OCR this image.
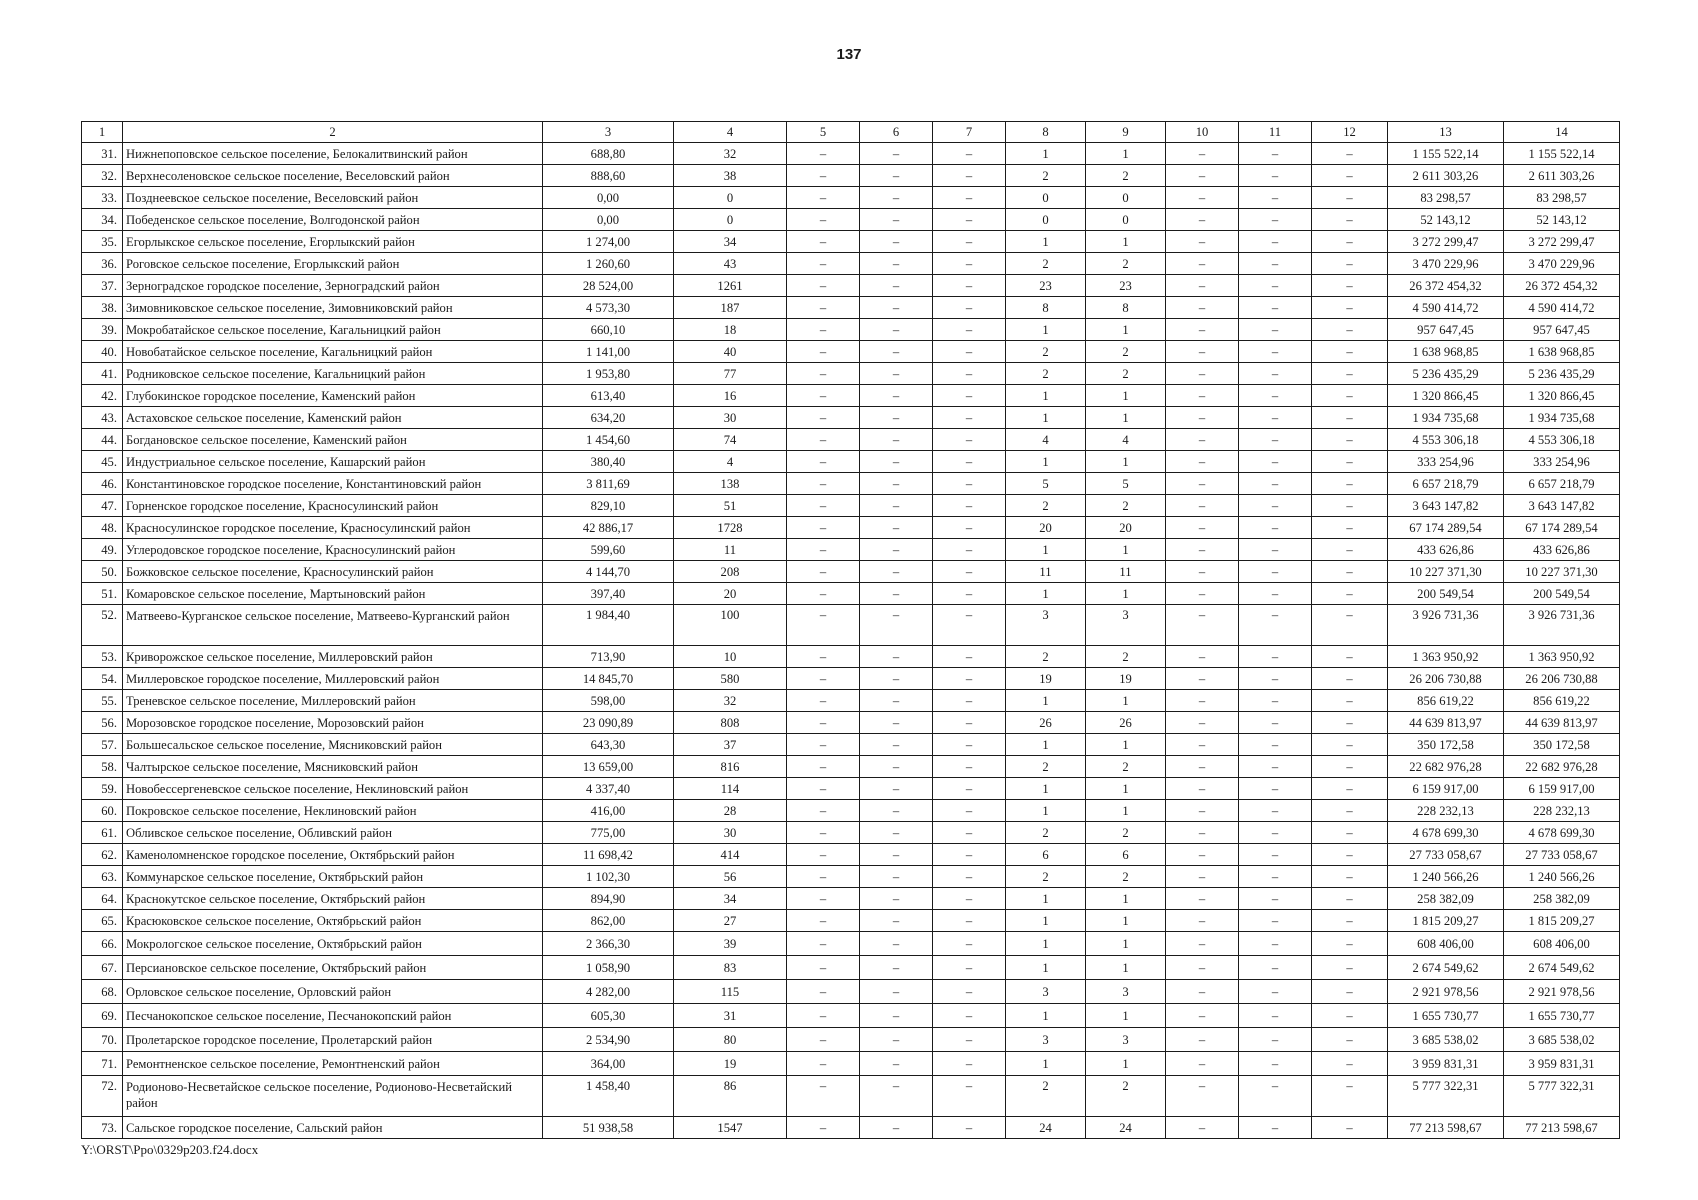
137
1	2	3	4	5	6	7	8	9	10	11	12	13	14
31.	Нижнепоповское сельское поселение, Белокалитвинский район	688,80	32	–	–	–	1	1	–	–	–	1 155 522,14	1 155 522,14
32.	Верхнесоленовское сельское поселение, Веселовский район	888,60	38	–	–	–	2	2	–	–	–	2 611 303,26	2 611 303,26
33.	Позднеевское сельское поселение, Веселовский район	0,00	0	–	–	–	0	0	–	–	–	83 298,57	83 298,57
34.	Победенское сельское поселение, Волгодонской район	0,00	0	–	–	–	0	0	–	–	–	52 143,12	52 143,12
35.	Егорлыкское сельское поселение, Егорлыкский район	1 274,00	34	–	–	–	1	1	–	–	–	3 272 299,47	3 272 299,47
36.	Роговское сельское поселение, Егорлыкский район	1 260,60	43	–	–	–	2	2	–	–	–	3 470 229,96	3 470 229,96
37.	Зерноградское городское поселение, Зерноградский район	28 524,00	1261	–	–	–	23	23	–	–	–	26 372 454,32	26 372 454,32
38.	Зимовниковское сельское поселение, Зимовниковский район	4 573,30	187	–	–	–	8	8	–	–	–	4 590 414,72	4 590 414,72
39.	Мокробатайское сельское поселение, Кагальницкий район	660,10	18	–	–	–	1	1	–	–	–	957 647,45	957 647,45
40.	Новобатайское сельское поселение, Кагальницкий район	1 141,00	40	–	–	–	2	2	–	–	–	1 638 968,85	1 638 968,85
41.	Родниковское сельское поселение, Кагальницкий район	1 953,80	77	–	–	–	2	2	–	–	–	5 236 435,29	5 236 435,29
42.	Глубокинское городское поселение, Каменский район	613,40	16	–	–	–	1	1	–	–	–	1 320 866,45	1 320 866,45
43.	Астаховское сельское поселение, Каменский район	634,20	30	–	–	–	1	1	–	–	–	1 934 735,68	1 934 735,68
44.	Богдановское сельское поселение, Каменский район	1 454,60	74	–	–	–	4	4	–	–	–	4 553 306,18	4 553 306,18
45.	Индустриальное сельское поселение, Кашарский район	380,40	4	–	–	–	1	1	–	–	–	333 254,96	333 254,96
46.	Константиновское городское поселение, Константиновский район	3 811,69	138	–	–	–	5	5	–	–	–	6 657 218,79	6 657 218,79
47.	Горненское городское поселение, Красносулинский район	829,10	51	–	–	–	2	2	–	–	–	3 643 147,82	3 643 147,82
48.	Красносулинское городское поселение, Красносулинский район	42 886,17	1728	–	–	–	20	20	–	–	–	67 174 289,54	67 174 289,54
49.	Углеродовское городское поселение, Красносулинский район	599,60	11	–	–	–	1	1	–	–	–	433 626,86	433 626,86
50.	Божковское сельское поселение, Красносулинский район	4 144,70	208	–	–	–	11	11	–	–	–	10 227 371,30	10 227 371,30
51.	Комаровское сельское поселение, Мартыновский район	397,40	20	–	–	–	1	1	–	–	–	200 549,54	200 549,54
52.	Матвеево-Курганское сельское поселение, Матвеево-Курганский район	1 984,40	100	–	–	–	3	3	–	–	–	3 926 731,36	3 926 731,36
53.	Криворожское сельское поселение, Миллеровский район	713,90	10	–	–	–	2	2	–	–	–	1 363 950,92	1 363 950,92
54.	Миллеровское городское поселение, Миллеровский район	14 845,70	580	–	–	–	19	19	–	–	–	26 206 730,88	26 206 730,88
55.	Треневское сельское поселение, Миллеровский район	598,00	32	–	–	–	1	1	–	–	–	856 619,22	856 619,22
56.	Морозовское городское поселение, Морозовский район	23 090,89	808	–	–	–	26	26	–	–	–	44 639 813,97	44 639 813,97
57.	Большесальское сельское поселение, Мясниковский район	643,30	37	–	–	–	1	1	–	–	–	350 172,58	350 172,58
58.	Чалтырское сельское поселение, Мясниковский район	13 659,00	816	–	–	–	2	2	–	–	–	22 682 976,28	22 682 976,28
59.	Новобессергеневское сельское поселение, Неклиновский район	4 337,40	114	–	–	–	1	1	–	–	–	6 159 917,00	6 159 917,00
60.	Покровское сельское поселение, Неклиновский район	416,00	28	–	–	–	1	1	–	–	–	228 232,13	228 232,13
61.	Обливское сельское поселение, Обливский район	775,00	30	–	–	–	2	2	–	–	–	4 678 699,30	4 678 699,30
62.	Каменоломненское городское поселение, Октябрьский район	11 698,42	414	–	–	–	6	6	–	–	–	27 733 058,67	27 733 058,67
63.	Коммунарское сельское поселение, Октябрьский район	1 102,30	56	–	–	–	2	2	–	–	–	1 240 566,26	1 240 566,26
64.	Краснокутское сельское поселение, Октябрьский район	894,90	34	–	–	–	1	1	–	–	–	258 382,09	258 382,09
65.	Красюковское сельское поселение, Октябрьский район	862,00	27	–	–	–	1	1	–	–	–	1 815 209,27	1 815 209,27
66.	Мокрологское сельское поселение, Октябрьский район	2 366,30	39	–	–	–	1	1	–	–	–	608 406,00	608 406,00
67.	Персиановское сельское поселение, Октябрьский район	1 058,90	83	–	–	–	1	1	–	–	–	2 674 549,62	2 674 549,62
68.	Орловское сельское поселение, Орловский район	4 282,00	115	–	–	–	3	3	–	–	–	2 921 978,56	2 921 978,56
69.	Песчанокопское сельское поселение, Песчанокопский район	605,30	31	–	–	–	1	1	–	–	–	1 655 730,77	1 655 730,77
70.	Пролетарское городское поселение, Пролетарский район	2 534,90	80	–	–	–	3	3	–	–	–	3 685 538,02	3 685 538,02
71.	Ремонтненское сельское поселение, Ремонтненский район	364,00	19	–	–	–	1	1	–	–	–	3 959 831,31	3 959 831,31
72.	Родионово-Несветайское сельское поселение, Родионово-Несветайский район	1 458,40	86	–	–	–	2	2	–	–	–	5 777 322,31	5 777 322,31
73.	Сальское городское поселение, Сальский район	51 938,58	1547	–	–	–	24	24	–	–	–	77 213 598,67	77 213 598,67
Y:\ORST\Ppo\0329p203.f24.docx
